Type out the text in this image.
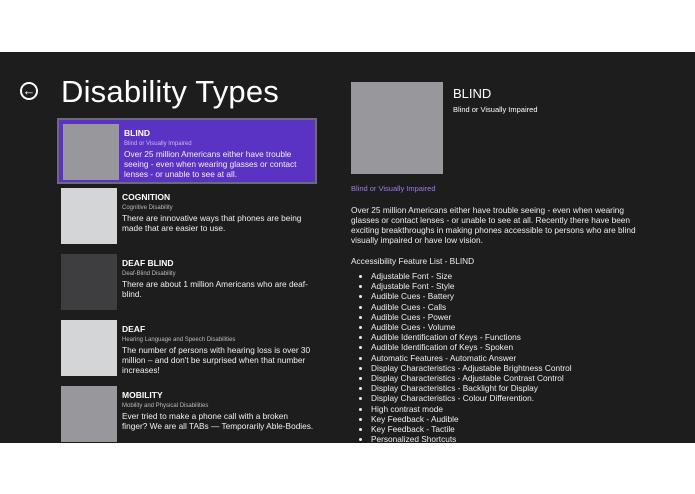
← Disability Types
BLIND
Blind or Visually Impaired
Over 25 million Americans either have trouble seeing - even when wearing glasses or contact lenses - or unable to see at all.
COGNITION
Cognitive Disability
There are innovative ways that phones are being made that are easier to use.
DEAF BLIND
Deaf-Blind Disability
There are about 1 million Americans who are deaf-blind.
DEAF
Hearing Language and Speech Disabilities
The number of persons with hearing loss is over 30 million – and don't be surprised when that number increases!
MOBILITY
Mobility and Physical Disabilities
Ever tried to make a phone call with a broken finger? We are all TABs — Temporarily Able-Bodies.
BLIND
Blind or Visually Impaired
Blind or Visually Impaired
Over 25 million Americans either have trouble seeing - even when wearing glasses or contact lenses - or unable to see at all. Recently there have been exciting breakthroughs in making phones accessible to persons who are blind visually impaired or have low vision.
Accessibility Feature List - BLIND
• Adjustable Font - Size
• Adjustable Font - Style
• Audible Cues - Battery
• Audible Cues - Calls
• Audible Cues - Power
• Audible Cues - Volume
• Audible Identification of Keys - Functions
• Audible Identification of Keys - Spoken
• Automatic Features - Automatic Answer
• Display Characteristics - Adjustable Brightness Control
• Display Characteristics - Adjustable Contrast Control
• Display Characteristics - Backlight for Display
• Display Characteristics - Colour Differention.
• High contrast mode
• Key Feedback - Audible
• Key Feedback - Tactile
• Personalized Shortcuts
